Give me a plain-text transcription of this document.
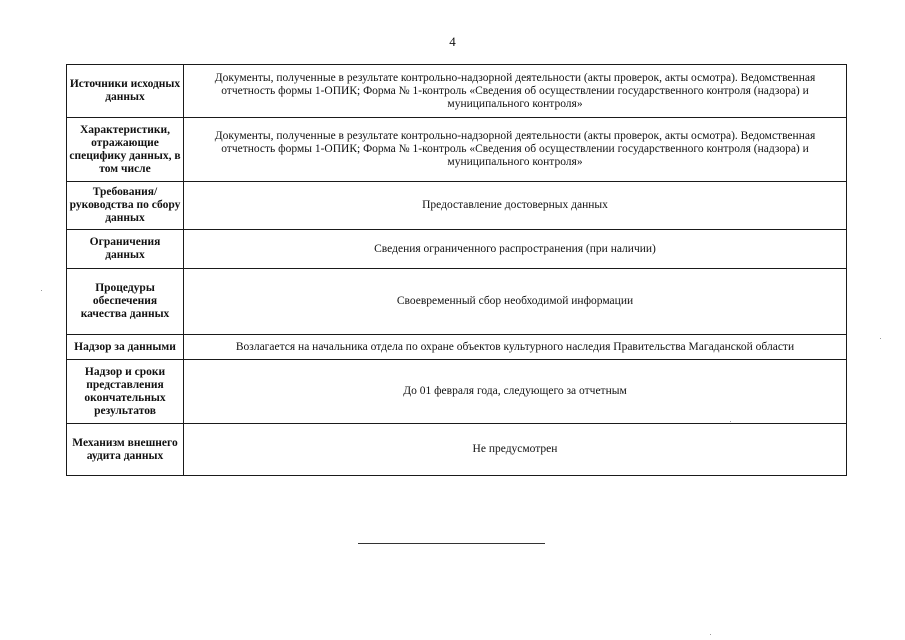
4
Источники исходных данных	Документы, полученные в результате контрольно-надзорной деятельности (акты проверок, акты осмотра). Ведомственная отчетность формы 1-ОПИК; Форма № 1-контроль «Сведения об осуществлении государственного контроля (надзора) и муниципального контроля»
Характеристики, отражающие специфику данных, в том числе	Документы, полученные в результате контрольно-надзорной деятельности (акты проверок, акты осмотра). Ведомственная отчетность формы 1-ОПИК; Форма № 1-контроль «Сведения об осуществлении государственного контроля (надзора) и муниципального контроля»
Требования/руководства по сбору данных	Предоставление достоверных данных
Ограничения данных	Сведения ограниченного распространения (при наличии)
Процедуры обеспечения качества данных	Своевременный сбор необходимой информации
Надзор за данными	Возлагается на начальника отдела по охране объектов культурного наследия Правительства Магаданской области
Надзор и сроки представления окончательных результатов	До 01 февраля года, следующего за отчетным
Механизм внешнего аудита данных	Не предусмотрен
